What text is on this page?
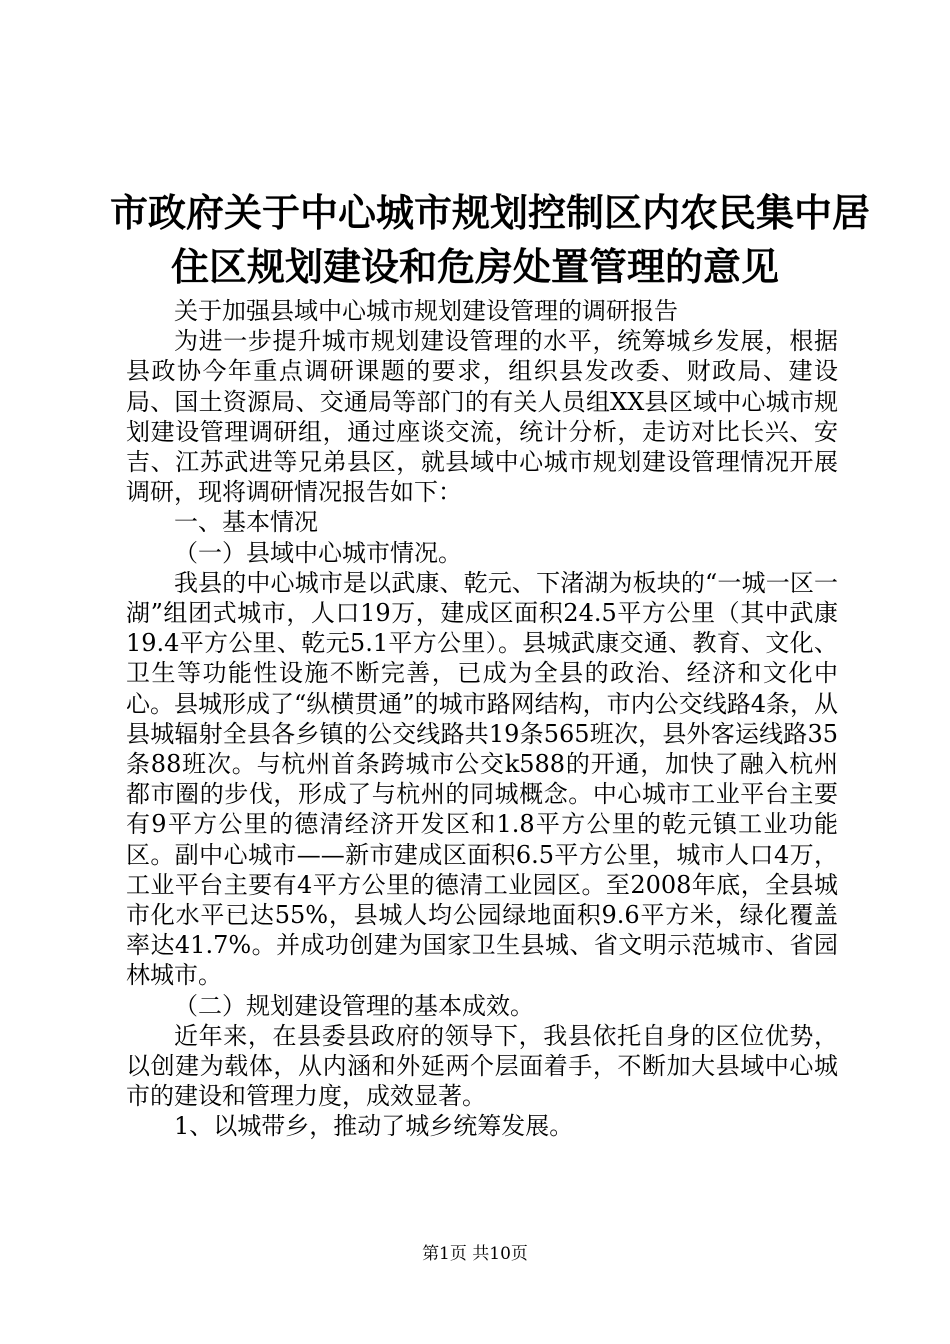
市政府关于中心城市规划控制区内农民集中居
住区规划建设和危房处置管理的意见

关于加强县域中心城市规划建设管理的调研报告

为进一步提升城市规划建设管理的水平，统筹城乡发展，根据县政协今年重点调研课题的要求，组织县发改委、财政局、建设局、国土资源局、交通局等部门的有关人员组XX县区域中心城市规划建设管理调研组，通过座谈交流，统计分析，走访对比长兴、安吉、江苏武进等兄弟县区，就县域中心城市规划建设管理情况开展调研，现将调研情况报告如下：

一、基本情况

（一）县域中心城市情况。

我县的中心城市是以武康、乾元、下渚湖为板块的“一城一区一湖”组团式城市，人口19万，建成区面积24.5平方公里（其中武康19.4平方公里、乾元5.1平方公里）。县城武康交通、教育、文化、卫生等功能性设施不断完善，已成为全县的政治、经济和文化中心。县城形成了“纵横贯通”的城市路网结构，市内公交线路4条，从县城辐射全县各乡镇的公交线路共19条565班次，县外客运线路35条88班次。与杭州首条跨城市公交k588的开通，加快了融入杭州都市圈的步伐，形成了与杭州的同城概念。中心城市工业平台主要有9平方公里的德清经济开发区和1.8平方公里的乾元镇工业功能区。副中心城市——新市建成区面积6.5平方公里，城市人口4万，工业平台主要有4平方公里的德清工业园区。至2008年底，全县城市化水平已达55%，县城人均公园绿地面积9.6平方米，绿化覆盖率达41.7%。并成功创建为国家卫生县城、省文明示范城市、省园林城市。

（二）规划建设管理的基本成效。

近年来，在县委县政府的领导下，我县依托自身的区位优势，以创建为载体，从内涵和外延两个层面着手，不断加大县域中心城市的建设和管理力度，成效显著。

1、以城带乡，推动了城乡统筹发展。

第1页 共10页
